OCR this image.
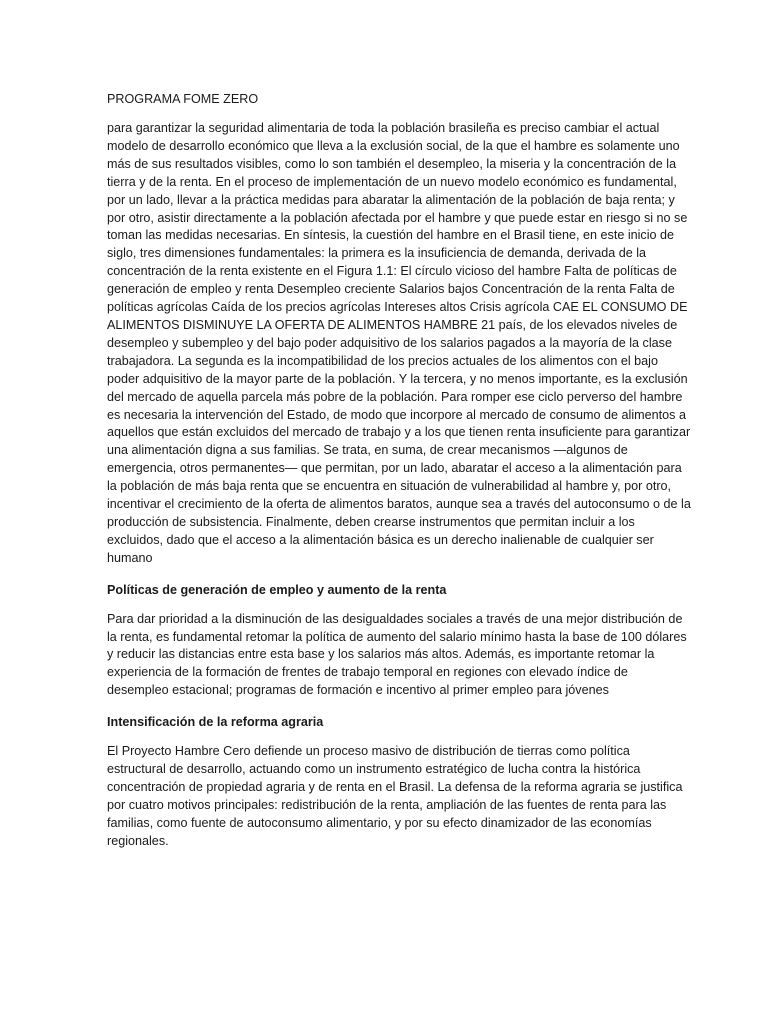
PROGRAMA FOME ZERO
para garantizar la seguridad alimentaria de toda la población brasileña es preciso cambiar el actual modelo de desarrollo económico que lleva a la exclusión social, de la que el hambre es solamente uno más de sus resultados visibles, como lo son también el desempleo, la miseria y la concentración de la tierra y de la renta. En el proceso de implementación de un nuevo modelo económico es fundamental, por un lado, llevar a la práctica medidas para abaratar la alimentación de la población de baja renta; y por otro, asistir directamente a la población afectada por el hambre y que puede estar en riesgo si no se toman las medidas necesarias. En síntesis, la cuestión del hambre en el Brasil tiene, en este inicio de siglo, tres dimensiones fundamentales: la primera es la insuficiencia de demanda, derivada de la concentración de la renta existente en el Figura 1.1: El círculo vicioso del hambre Falta de políticas de generación de empleo y renta Desempleo creciente Salarios bajos Concentración de la renta Falta de políticas agrícolas Caída de los precios agrícolas Intereses altos Crisis agrícola CAE EL CONSUMO DE ALIMENTOS DISMINUYE LA OFERTA DE ALIMENTOS HAMBRE 21 país, de los elevados niveles de desempleo y subempleo y del bajo poder adquisitivo de los salarios pagados a la mayoría de la clase trabajadora. La segunda es la incompatibilidad de los precios actuales de los alimentos con el bajo poder adquisitivo de la mayor parte de la población. Y la tercera, y no menos importante, es la exclusión del mercado de aquella parcela más pobre de la población. Para romper ese ciclo perverso del hambre es necesaria la intervención del Estado, de modo que incorpore al mercado de consumo de alimentos a aquellos que están excluidos del mercado de trabajo y a los que tienen renta insuficiente para garantizar una alimentación digna a sus familias. Se trata, en suma, de crear mecanismos —algunos de emergencia, otros permanentes— que permitan, por un lado, abaratar el acceso a la alimentación para la población de más baja renta que se encuentra en situación de vulnerabilidad al hambre y, por otro, incentivar el crecimiento de la oferta de alimentos baratos, aunque sea a través del autoconsumo o de la producción de subsistencia. Finalmente, deben crearse instrumentos que permitan incluir a los excluidos, dado que el acceso a la alimentación básica es un derecho inalienable de cualquier ser humano
Políticas de generación de empleo y aumento de la renta
Para dar prioridad a la disminución de las desigualdades sociales a través de una mejor distribución de la renta, es fundamental retomar la política de aumento del salario mínimo hasta la base de 100 dólares y reducir las distancias entre esta base y los salarios más altos. Además, es importante retomar la experiencia de la formación de frentes de trabajo temporal en regiones con elevado índice de desempleo estacional; programas de formación e incentivo al primer empleo para jóvenes
Intensificación de la reforma agraria
El Proyecto Hambre Cero defiende un proceso masivo de distribución de tierras como política estructural de desarrollo, actuando como un instrumento estratégico de lucha contra la histórica concentración de propiedad agraria y de renta en el Brasil. La defensa de la reforma agraria se justifica por cuatro motivos principales: redistribución de la renta, ampliación de las fuentes de renta para las familias, como fuente de autoconsumo alimentario, y por su efecto dinamizador de las economías regionales.
